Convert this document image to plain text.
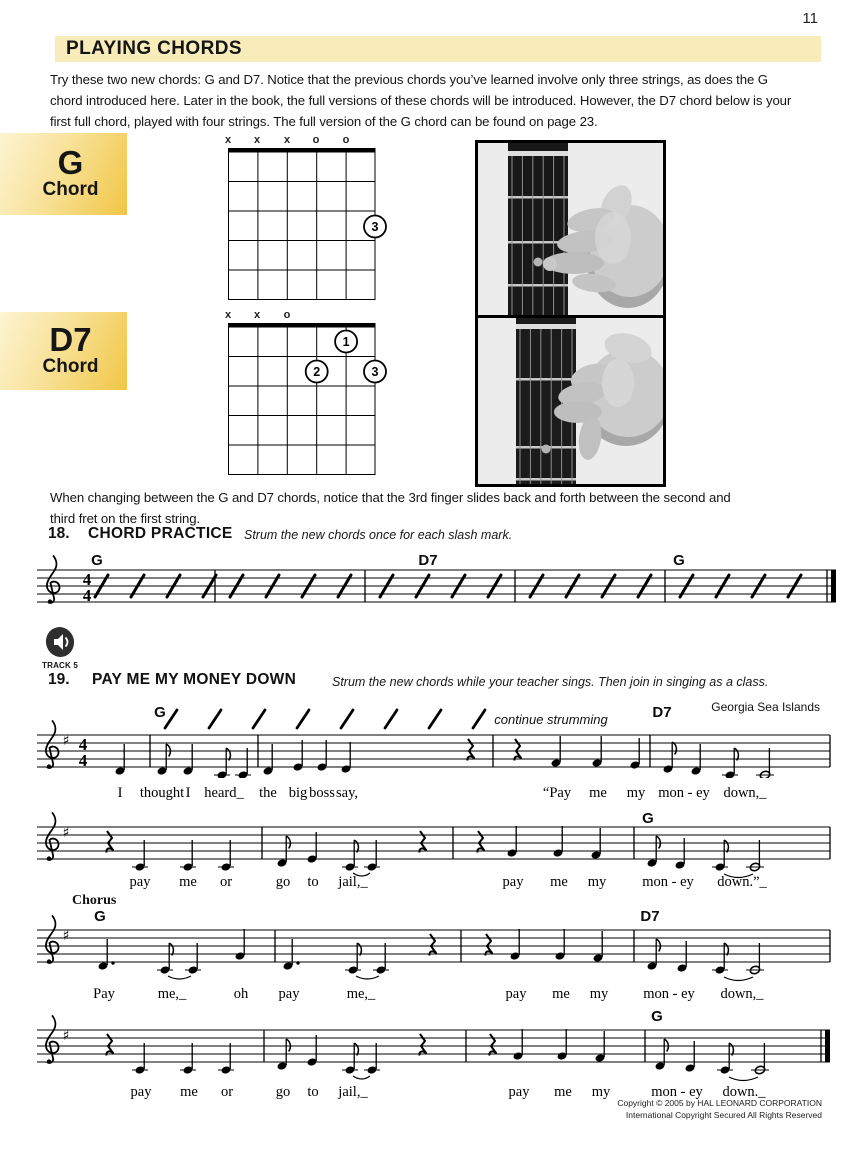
11
PLAYING CHORDS
Try these two new chords: G and D7. Notice that the previous chords you’ve learned involve only three strings, as does the G chord introduced here. Later in the book, the full versions of these chords will be introduced. However, the D7 chord below is your first full chord, played with four strings. The full version of the G chord can be found on page 23.
G
Chord
x x x o o
3
D7
Chord
x x o
1
2	3
When changing between the G and D7 chords, notice that the 3rd finger slides back and forth between the second and third fret on the first string.
18. CHORD PRACTICE Strum the new chords once for each slash mark.
G	D7	G
4
4
TRACK 5
19. PAY ME MY MONEY DOWN	Strum the new chords while your teacher sings. Then join in singing as a class.
Georgia Sea Islands
G	D7
continue strumming
♯ 4
4
I thought I heard_ the big boss say,	“Pay me my mon - ey down,_
G
♯
pay me or	go to jail,_	pay me my mon - ey down.”_
Chorus
G	D7
♯
Pay	me,_	oh pay	me,_	pay me my mon - ey down,_
G
♯
pay me or	go to jail,_	pay me my	mon - ey down._
Copyright © 2005 by HAL LEONARD CORPORATION
International Copyright Secured All Rights Reserved
